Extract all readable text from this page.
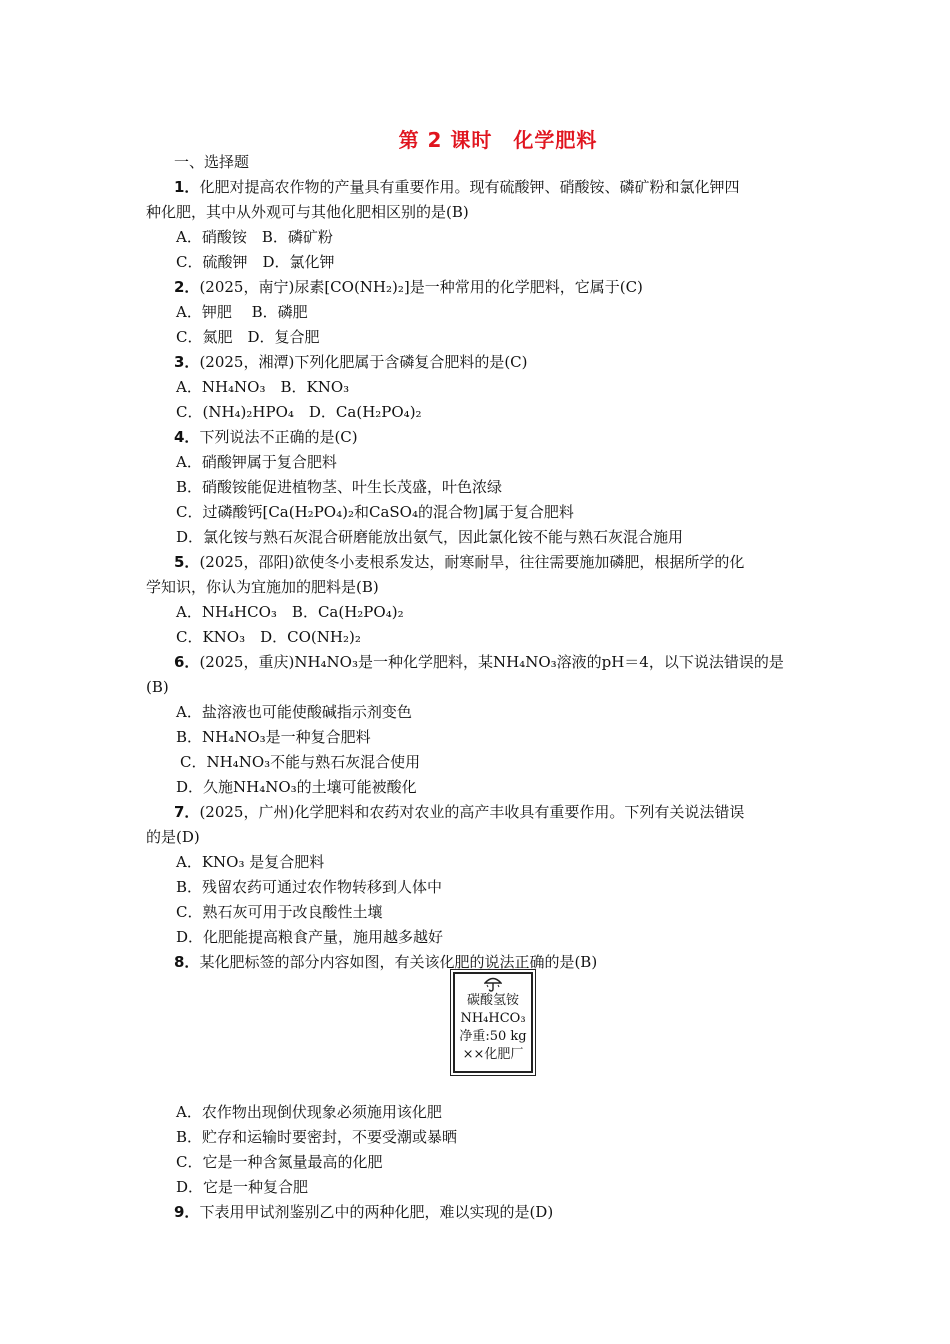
第 2 课时　化学肥料
一、选择题
1．化肥对提高农作物的产量具有重要作用。现有硫酸钾、硝酸铵、磷矿粉和氯化钾四
种化肥，其中从外观可与其他化肥相区别的是(B)
A．硝酸铵　B．磷矿粉
C．硫酸钾　D．氯化钾
2．(2025，南宁)尿素[CO(NH₂)₂]是一种常用的化学肥料，它属于(C)
A．钾肥　 B．磷肥
C．氮肥　D．复合肥
3．(2025，湘潭)下列化肥属于含磷复合肥料的是(C)
A．NH₄NO₃　B．KNO₃
C．(NH₄)₂HPO₄　D．Ca(H₂PO₄)₂
4．下列说法不正确的是(C)
A．硝酸钾属于复合肥料
B．硝酸铵能促进植物茎、叶生长茂盛，叶色浓绿
C．过磷酸钙[Ca(H₂PO₄)₂和CaSO₄的混合物]属于复合肥料
D．氯化铵与熟石灰混合研磨能放出氨气，因此氯化铵不能与熟石灰混合施用
5．(2025，邵阳)欲使冬小麦根系发达，耐寒耐旱，往往需要施加磷肥，根据所学的化
学知识，你认为宜施加的肥料是(B)
A．NH₄HCO₃　B．Ca(H₂PO₄)₂
C．KNO₃　D．CO(NH₂)₂
6．(2025，重庆)NH₄NO₃是一种化学肥料，某NH₄NO₃溶液的pH＝4，以下说法错误的是
(B)
A．盐溶液也可能使酸碱指示剂变色
B．NH₄NO₃是一种复合肥料
C．NH₄NO₃不能与熟石灰混合使用
D．久施NH₄NO₃的土壤可能被酸化
7．(2025，广州)化学肥料和农药对农业的高产丰收具有重要作用。下列有关说法错误
的是(D)
A．KNO₃ 是复合肥料
B．残留农药可通过农作物转移到人体中
C．熟石灰可用于改良酸性土壤
D．化肥能提高粮食产量，施用越多越好
8．某化肥标签的部分内容如图，有关该化肥的说法正确的是(B)
A．农作物出现倒伏现象必须施用该化肥
B．贮存和运输时要密封，不要受潮或暴晒
C．它是一种含氮量最高的化肥
D．它是一种复合肥
9．下表用甲试剂鉴别乙中的两种化肥，难以实现的是(D)
碳酸氢铵
NH₄HCO₃
净重:50 kg
××化肥厂
